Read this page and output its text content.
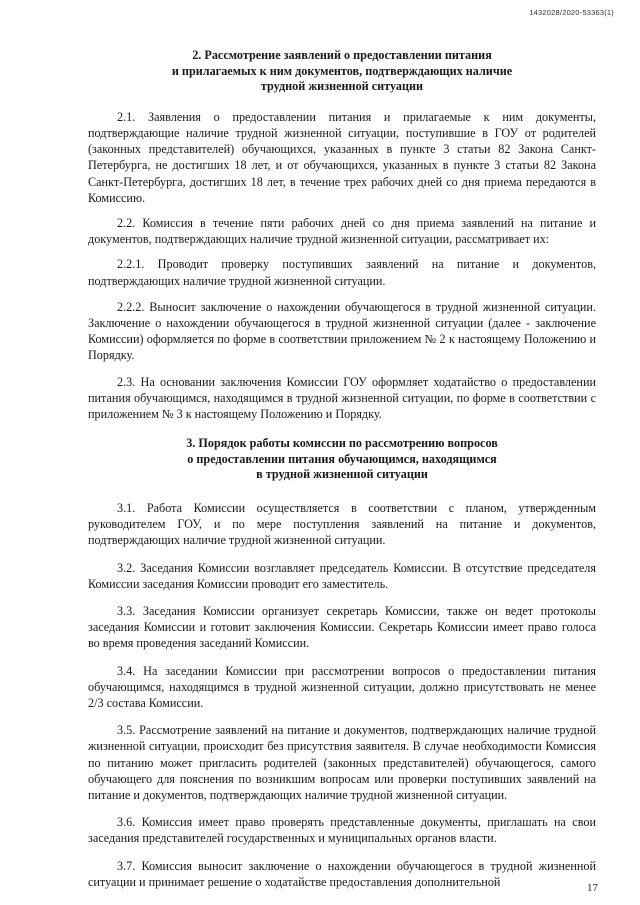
1432028/2020-53363(1)
2. Рассмотрение заявлений о предоставлении питания
и прилагаемых к ним документов, подтверждающих наличие
трудной жизненной ситуации

2.1. Заявления о предоставлении питания и прилагаемые к ним документы, подтверждающие наличие трудной жизненной ситуации, поступившие в ГОУ от родителей (законных представителей) обучающихся, указанных в пункте 3 статьи 82 Закона Санкт-Петербурга, не достигших 18 лет, и от обучающихся, указанных в пункте 3 статьи 82 Закона Санкт-Петербурга, достигших 18 лет, в течение трех рабочих дней со дня приема передаются в Комиссию.

2.2. Комиссия в течение пяти рабочих дней со дня приема заявлений на питание и документов, подтверждающих наличие трудной жизненной ситуации, рассматривает их:

2.2.1. Проводит проверку поступивших заявлений на питание и документов, подтверждающих наличие трудной жизненной ситуации.

2.2.2. Выносит заключение о нахождении обучающегося в трудной жизненной ситуации. Заключение о нахождении обучающегося в трудной жизненной ситуации (далее - заключение Комиссии) оформляется по форме в соответствии приложением № 2 к настоящему Положению и Порядку.

2.3. На основании заключения Комиссии ГОУ оформляет ходатайство о предоставлении питания обучающимся, находящимся в трудной жизненной ситуации, по форме в соответствии с приложением № 3 к настоящему Положению и Порядку.

3. Порядок работы комиссии по рассмотрению вопросов
о предоставлении питания обучающимся, находящимся
в трудной жизненной ситуации

3.1. Работа Комиссии осуществляется в соответствии с планом, утвержденным руководителем ГОУ, и по мере поступления заявлений на питание и документов, подтверждающих наличие трудной жизненной ситуации.

3.2. Заседания Комиссии возглавляет председатель Комиссии. В отсутствие председателя Комиссии заседания Комиссии проводит его заместитель.

3.3. Заседания Комиссии организует секретарь Комиссии, также он ведет протоколы заседания Комиссии и готовит заключения Комиссии. Секретарь Комиссии имеет право голоса во время проведения заседаний Комиссии.

3.4. На заседании Комиссии при рассмотрении вопросов о предоставлении питания обучающимся, находящимся в трудной жизненной ситуации, должно присутствовать не менее 2/3 состава Комиссии.

3.5. Рассмотрение заявлений на питание и документов, подтверждающих наличие трудной жизненной ситуации, происходит без присутствия заявителя. В случае необходимости Комиссия по питанию может пригласить родителей (законных представителей) обучающегося, самого обучающего для пояснения по возникшим вопросам или проверки поступивших заявлений на питание и документов, подтверждающих наличие трудной жизненной ситуации.

3.6. Комиссия имеет право проверять представленные документы, приглашать на свои заседания представителей государственных и муниципальных органов власти.

3.7. Комиссия выносит заключение о нахождении обучающегося в трудной жизненной ситуации и принимает решение о ходатайстве предоставления дополнительной	17
